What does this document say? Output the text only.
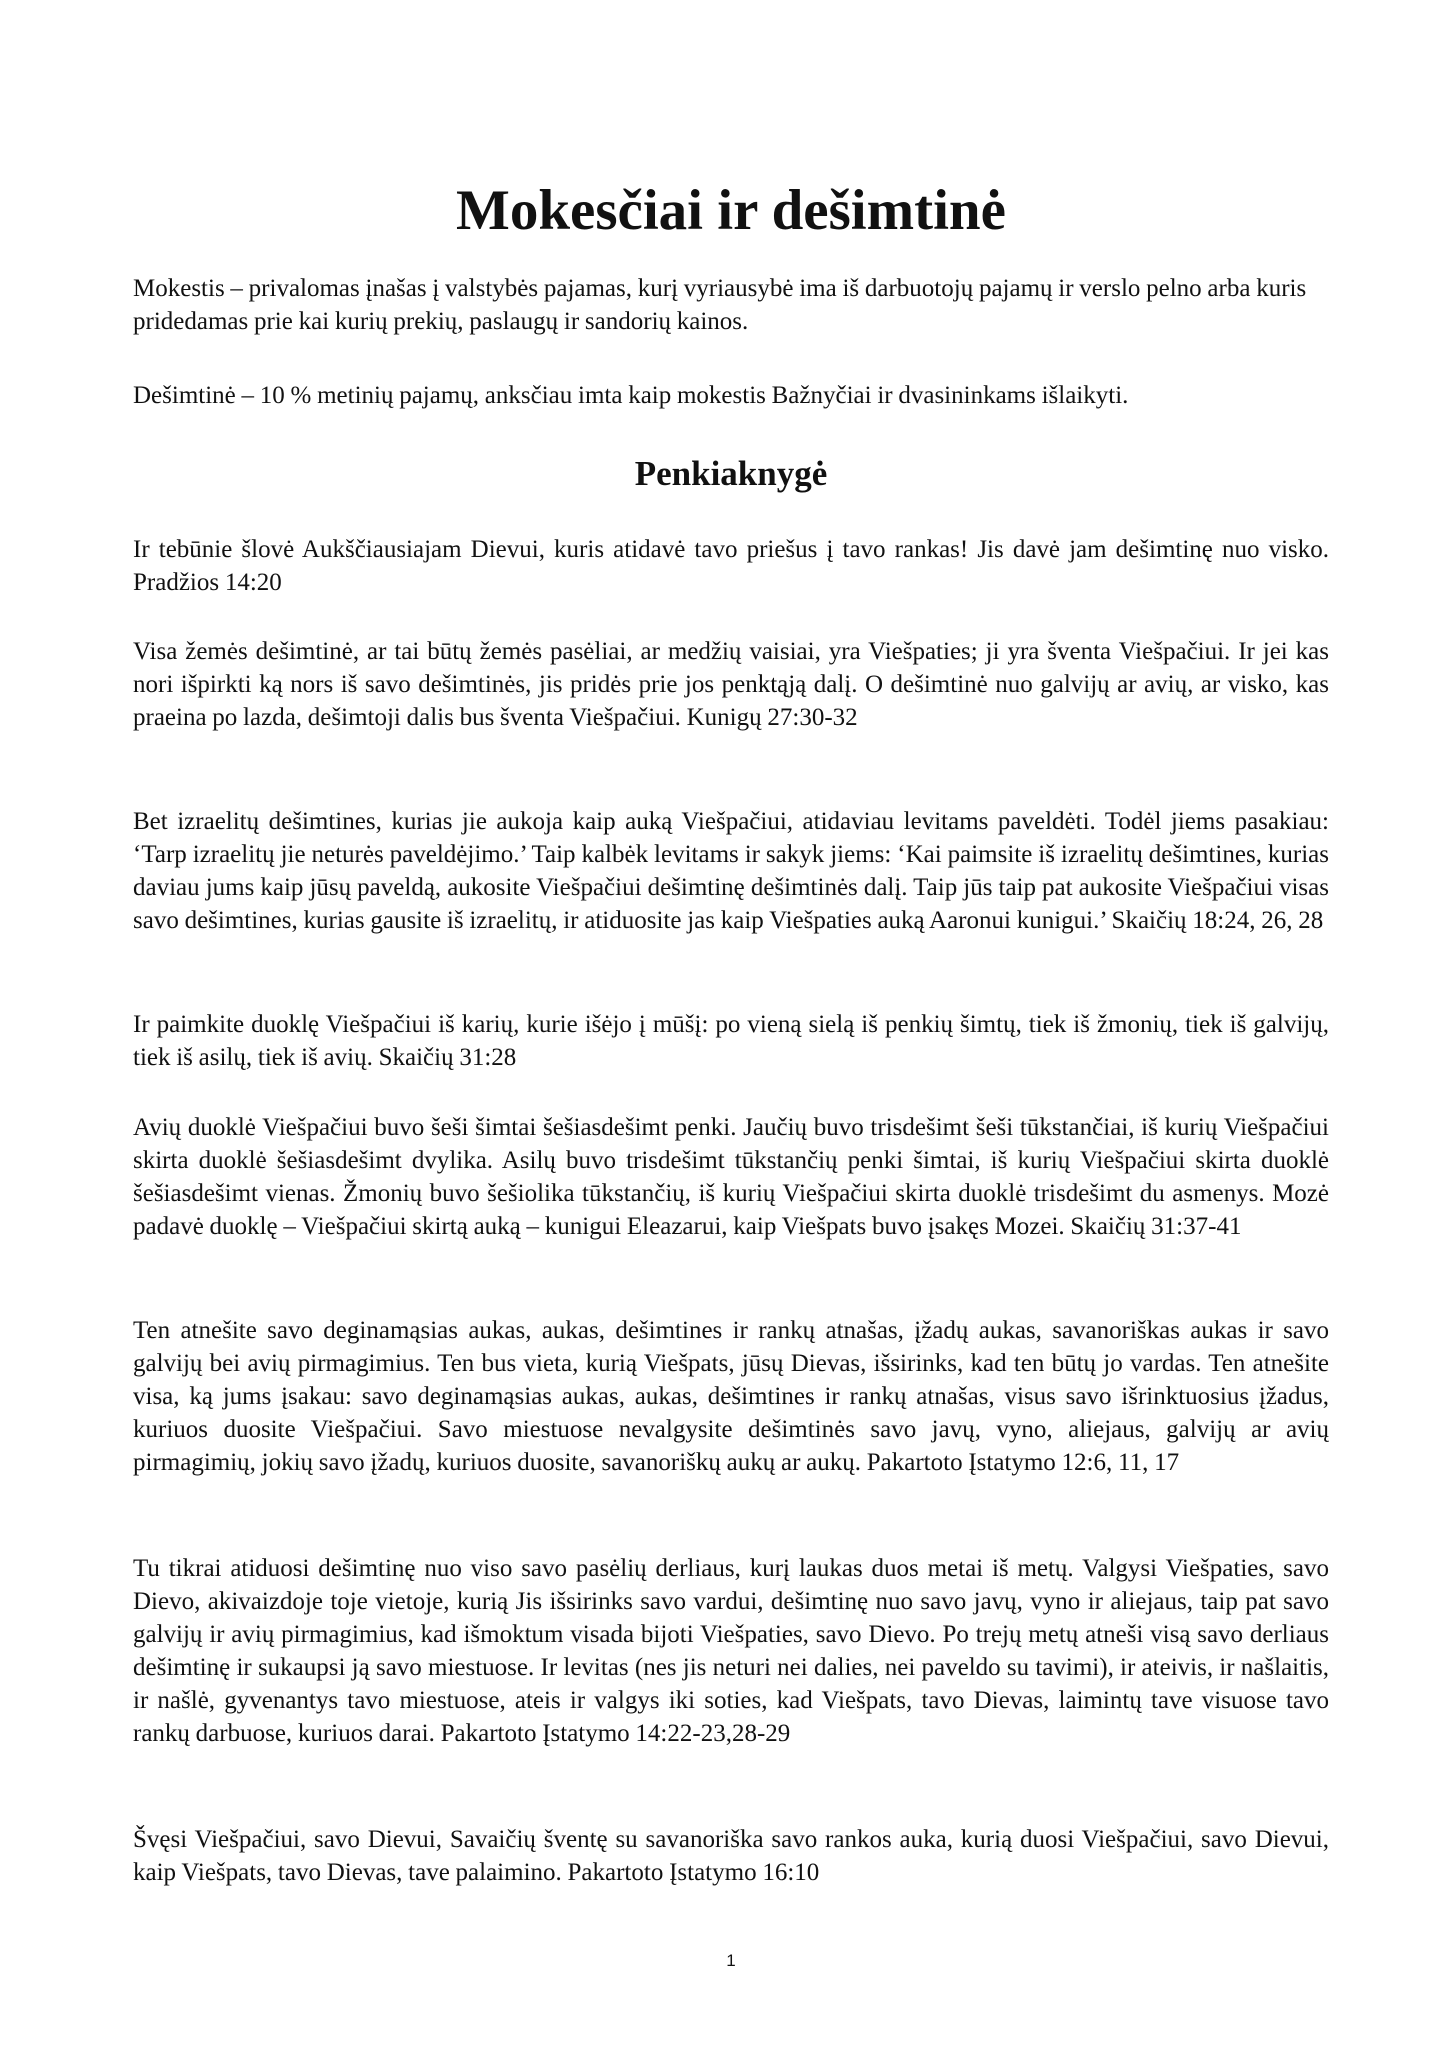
Mokesčiai ir dešimtinė

Mokestis – privalomas įnašas į valstybės pajamas, kurį vyriausybė ima iš darbuotojų pajamų ir verslo pelno arba kuris pridedamas prie kai kurių prekių, paslaugų ir sandorių kainos.

Dešimtinė – 10 % metinių pajamų, anksčiau imta kaip mokestis Bažnyčiai ir dvasininkams išlaikyti.

Penkiaknygė

Ir tebūnie šlovė Aukščiausiajam Dievui, kuris atidavė tavo priešus į tavo rankas! Jis davė jam dešimtinę nuo visko. Pradžios 14:20

Visa žemės dešimtinė, ar tai būtų žemės pasėliai, ar medžių vaisiai, yra Viešpaties; ji yra šventa Viešpačiui. Ir jei kas nori išpirkti ką nors iš savo dešimtinės, jis pridės prie jos penktąją dalį. O dešimtinė nuo galvijų ar avių, ar visko, kas praeina po lazda, dešimtoji dalis bus šventa Viešpačiui. Kunigų 27:30-32

Bet izraelitų dešimtines, kurias jie aukoja kaip auką Viešpačiui, atidaviau levitams paveldėti. Todėl jiems pasakiau: ‘Tarp izraelitų jie neturės paveldėjimo.’ Taip kalbėk levitams ir sakyk jiems: ‘Kai paimsite iš izraelitų dešimtines, kurias daviau jums kaip jūsų paveldą, aukosite Viešpačiui dešimtinę dešimtinės dalį. Taip jūs taip pat aukosite Viešpačiui visas savo dešimtines, kurias gausite iš izraelitų, ir atiduosite jas kaip Viešpaties auką Aaronui kunigui.’ Skaičių 18:24, 26, 28

Ir paimkite duoklę Viešpačiui iš karių, kurie išėjo į mūšį: po vieną sielą iš penkių šimtų, tiek iš žmonių, tiek iš galvijų, tiek iš asilų, tiek iš avių. Skaičių 31:28

Avių duoklė Viešpačiui buvo šeši šimtai šešiasdešimt penki. Jaučių buvo trisdešimt šeši tūkstančiai, iš kurių Viešpačiui skirta duoklė šešiasdešimt dvylika. Asilų buvo trisdešimt tūkstančių penki šimtai, iš kurių Viešpačiui skirta duoklė šešiasdešimt vienas. Žmonių buvo šešiolika tūkstančių, iš kurių Viešpačiui skirta duoklė trisdešimt du asmenys. Mozė padavė duoklę – Viešpačiui skirtą auką – kunigui Eleazarui, kaip Viešpats buvo įsakęs Mozei. Skaičių 31:37-41

Ten atnešite savo deginamąsias aukas, aukas, dešimtines ir rankų atnašas, įžadų aukas, savanoriškas aukas ir savo galvijų bei avių pirmagimius. Ten bus vieta, kurią Viešpats, jūsų Dievas, išsirinks, kad ten būtų jo vardas. Ten atnešite visa, ką jums įsakau: savo deginamąsias aukas, aukas, dešimtines ir rankų atnašas, visus savo išrinktuosius įžadus, kuriuos duosite Viešpačiui. Savo miestuose nevalgysite dešimtinės savo javų, vyno, aliejaus, galvijų ar avių pirmagimių, jokių savo įžadų, kuriuos duosite, savanoriškų aukų ar aukų. Pakartoto Įstatymo 12:6, 11, 17

Tu tikrai atiduosi dešimtinę nuo viso savo pasėlių derliaus, kurį laukas duos metai iš metų. Valgysi Viešpaties, savo Dievo, akivaizdoje toje vietoje, kurią Jis išsirinks savo vardui, dešimtinę nuo savo javų, vyno ir aliejaus, taip pat savo galvijų ir avių pirmagimius, kad išmoktum visada bijoti Viešpaties, savo Dievo. Po trejų metų atneši visą savo derliaus dešimtinę ir sukaupsi ją savo miestuose. Ir levitas (nes jis neturi nei dalies, nei paveldo su tavimi), ir ateivis, ir našlaitis, ir našlė, gyvenantys tavo miestuose, ateis ir valgys iki soties, kad Viešpats, tavo Dievas, laimintų tave visuose tavo rankų darbuose, kuriuos darai. Pakartoto Įstatymo 14:22-23,28-29

Švęsi Viešpačiui, savo Dievui, Savaičių šventę su savanoriška savo rankos auka, kurią duosi Viešpačiui, savo Dievui, kaip Viešpats, tavo Dievas, tave palaimino. Pakartoto Įstatymo 16:10

1
